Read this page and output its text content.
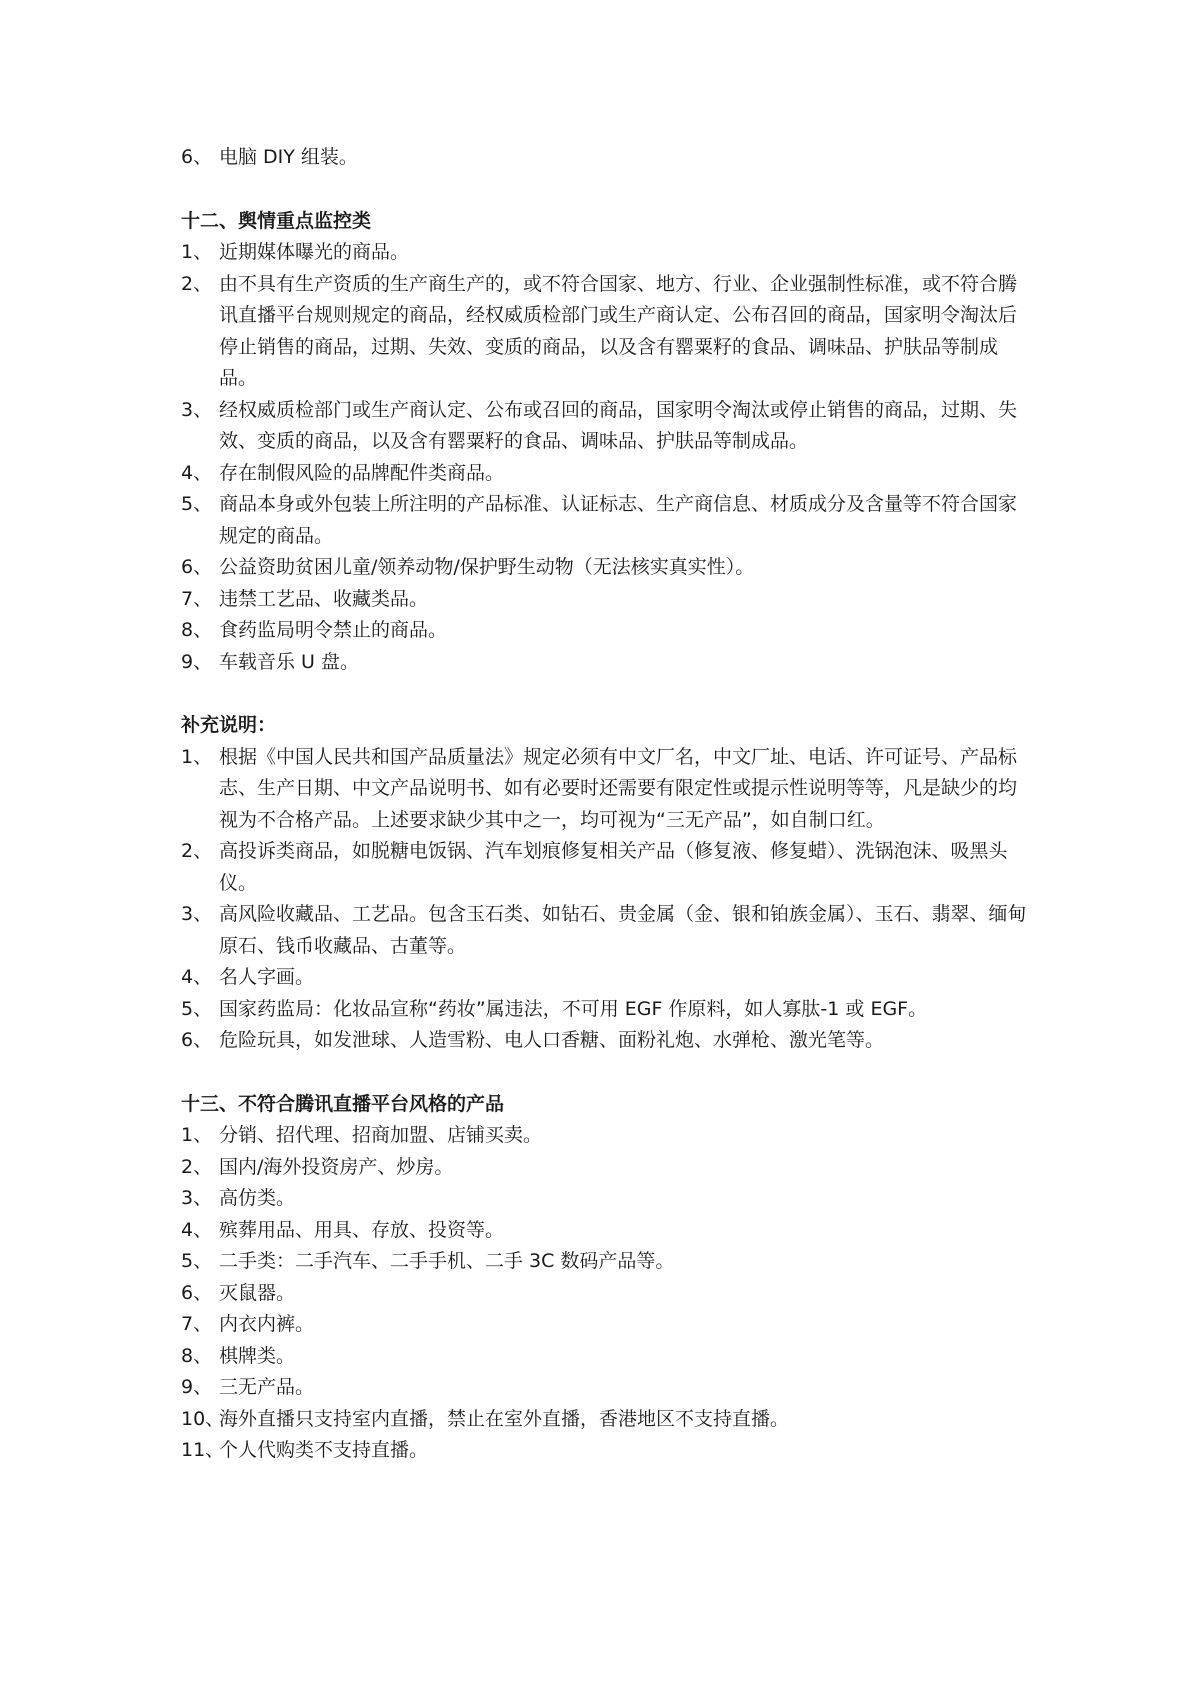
6、 电脑 DIY 组装。
十二、舆情重点监控类
1、 近期媒体曝光的商品。
2、 由不具有生产资质的生产商生产的，或不符合国家、地方、行业、企业强制性标准，或不符合腾讯直播平台规则规定的商品，经权威质检部门或生产商认定、公布召回的商品，国家明令淘汰后停止销售的商品，过期、失效、变质的商品，以及含有罂粟籽的食品、调味品、护肤品等制成品。
3、 经权威质检部门或生产商认定、公布或召回的商品，国家明令淘汰或停止销售的商品，过期、失效、变质的商品，以及含有罂粟籽的食品、调味品、护肤品等制成品。
4、 存在制假风险的品牌配件类商品。
5、 商品本身或外包装上所注明的产品标准、认证标志、生产商信息、材质成分及含量等不符合国家规定的商品。
6、 公益资助贫困儿童/领养动物/保护野生动物（无法核实真实性）。
7、 违禁工艺品、收藏类品。
8、 食药监局明令禁止的商品。
9、 车载音乐 U 盘。
补充说明：
1、 根据《中国人民共和国产品质量法》规定必须有中文厂名，中文厂址、电话、许可证号、产品标志、生产日期、中文产品说明书、如有必要时还需要有限定性或提示性说明等等，凡是缺少的均视为不合格产品。上述要求缺少其中之一，均可视为“三无产品”，如自制口红。
2、 高投诉类商品，如脱糖电饭锅、汽车划痕修复相关产品（修复液、修复蜡）、洗锅泡沫、吸黑头仪。
3、 高风险收藏品、工艺品。包含玉石类、如钻石、贵金属（金、银和铂族金属）、玉石、翡翠、缅甸原石、钱币收藏品、古董等。
4、 名人字画。
5、 国家药监局：化妆品宣称“药妆”属违法，不可用 EGF 作原料，如人寡肽-1 或 EGF。
6、 危险玩具，如发泄球、人造雪粉、电人口香糖、面粉礼炮、水弹枪、激光笔等。
十三、不符合腾讯直播平台风格的产品
1、 分销、招代理、招商加盟、店铺买卖。
2、 国内/海外投资房产、炒房。
3、 高仿类。
4、 殡葬用品、用具、存放、投资等。
5、 二手类：二手汽车、二手手机、二手 3C 数码产品等。
6、 灭鼠器。
7、 内衣内裤。
8、 棋牌类。
9、 三无产品。
10、
海外直播只支持室内直播，禁止在室外直播，香港地区不支持直播。
11、
个人代购类不支持直播。
